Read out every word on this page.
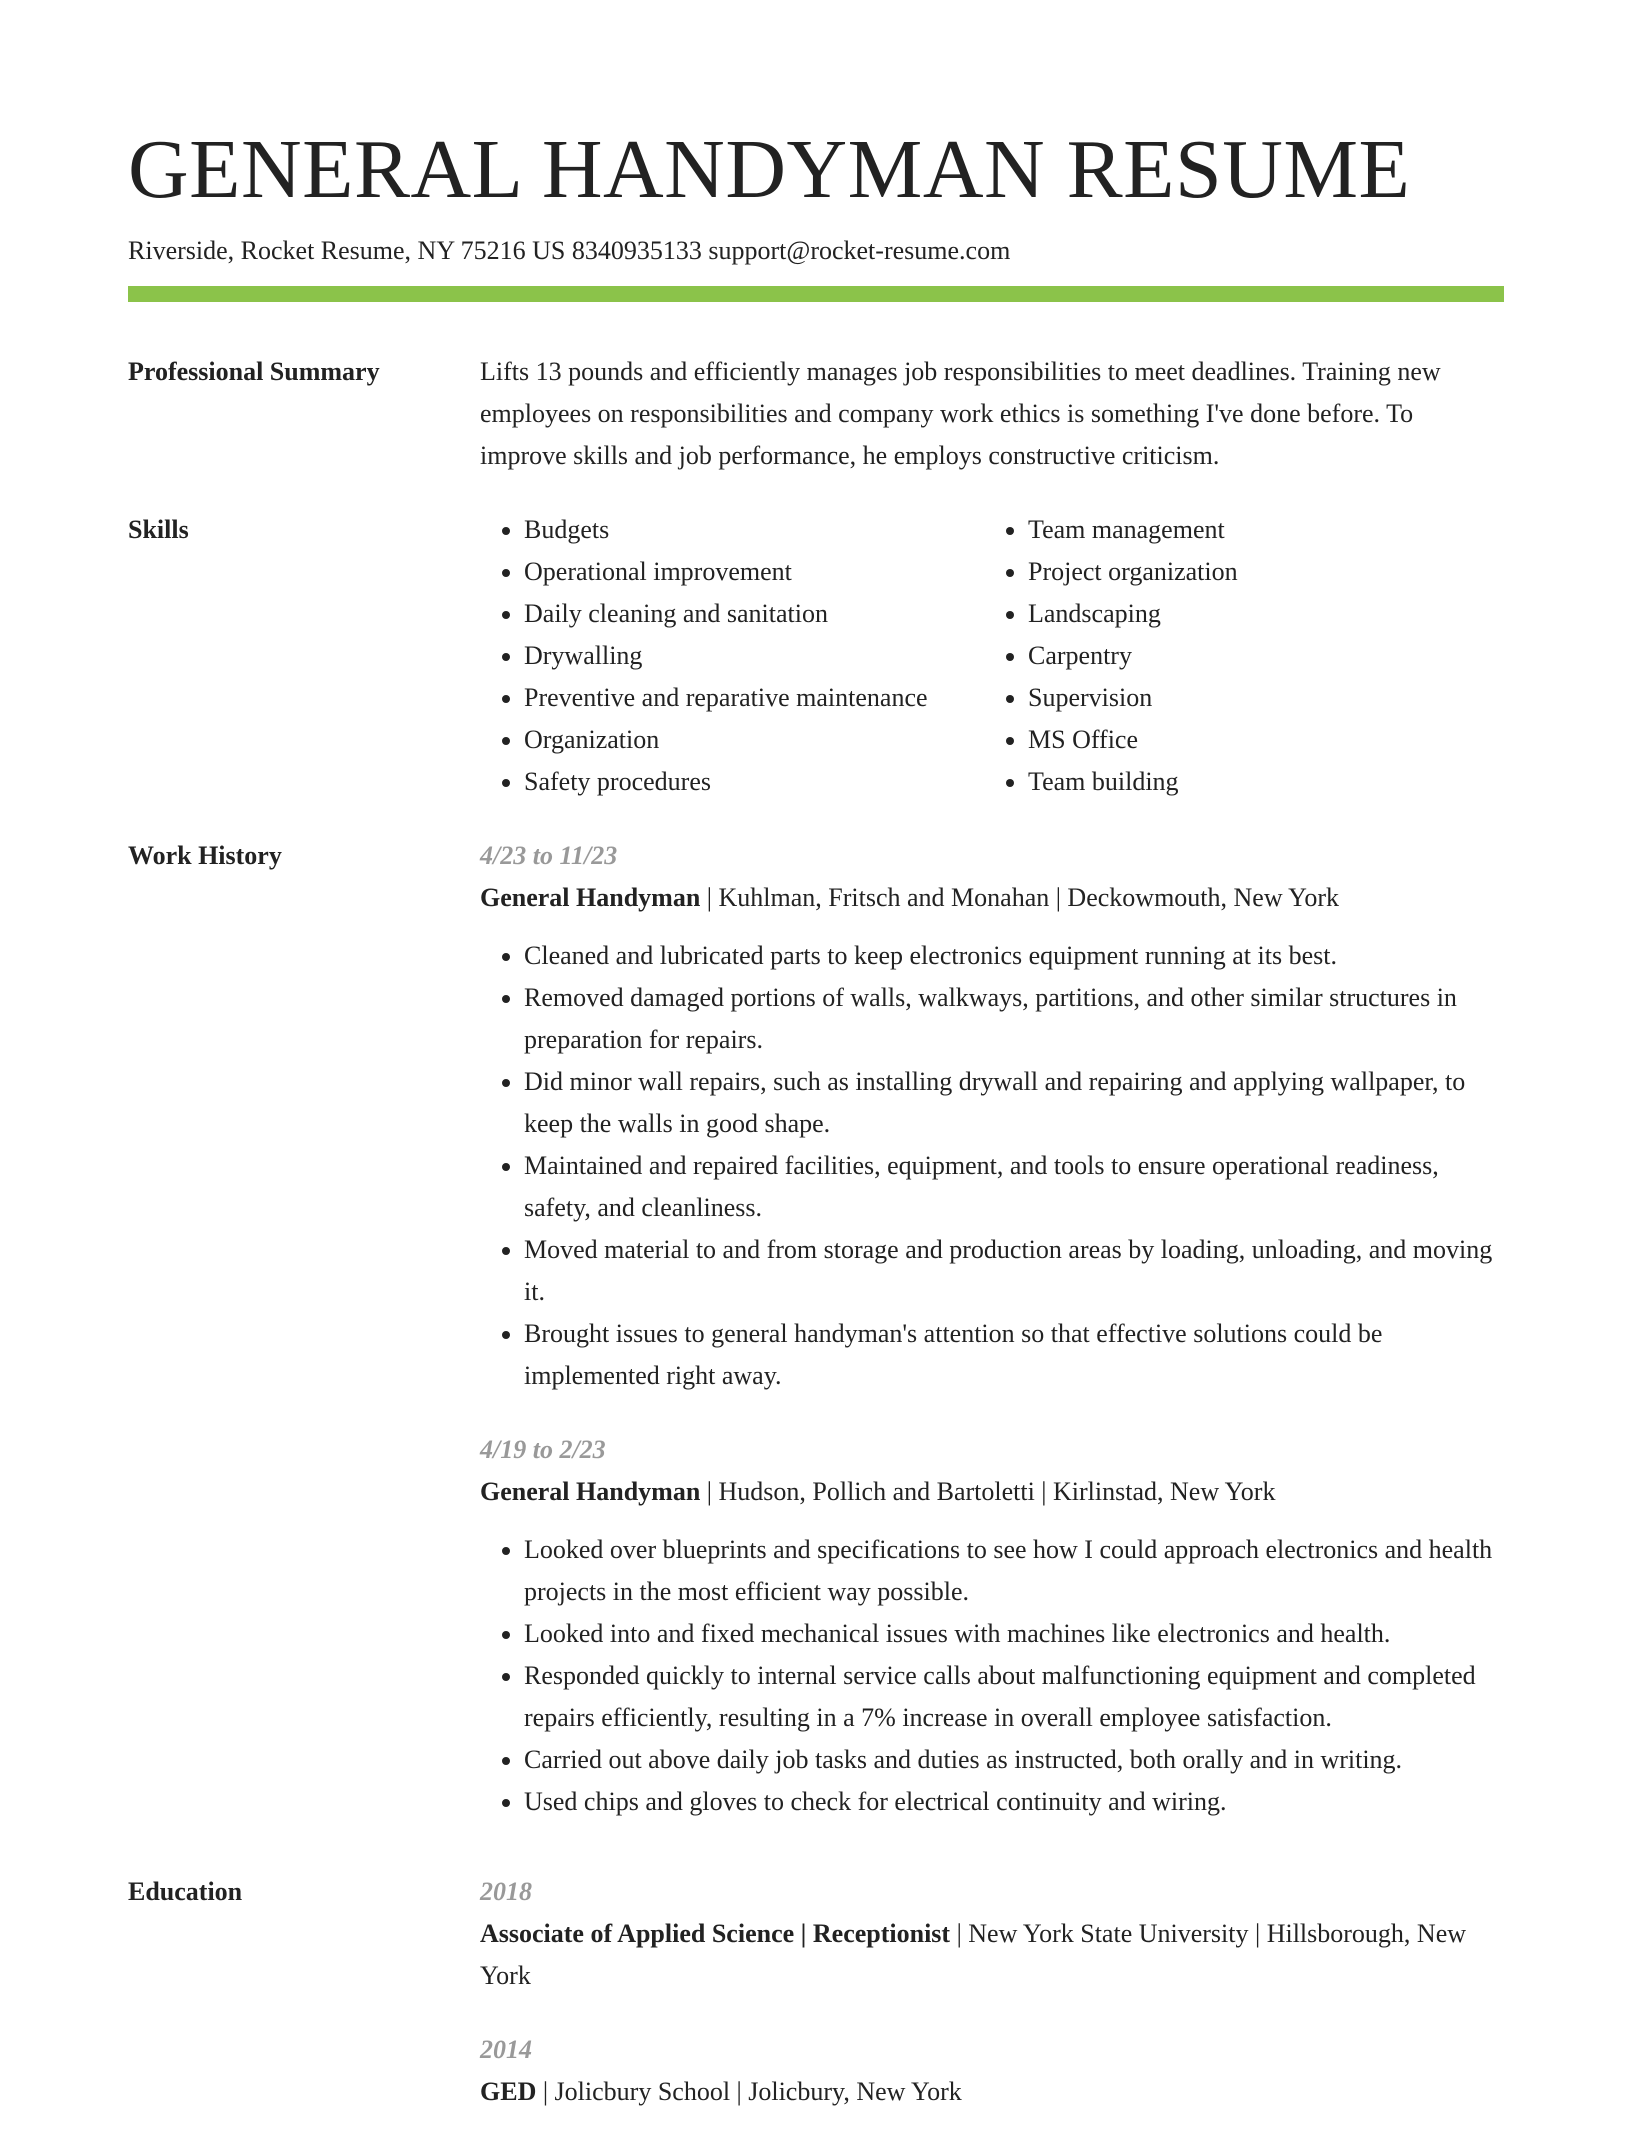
GENERAL HANDYMAN RESUME
Riverside, Rocket Resume, NY 75216 US 8340935133 support@rocket-resume.com
Professional Summary	Lifts 13 pounds and efficiently manages job responsibilities to meet deadlines. Training new employees on responsibilities and company work ethics is something I've done before. To improve skills and job performance, he employs constructive criticism.

Skills
•	Budgets
• Operational improvement
• Daily cleaning and sanitation
• Drywalling
• Preventive and reparative maintenance
• Organization
• Safety procedures
• Team management
• Project organization
• Landscaping
• Carpentry
• Supervision
• MS Office
• Team building
Work History	4/23 to 11/23
General Handyman | Kuhlman, Fritsch and Monahan | Deckowmouth, New York
• Cleaned and lubricated parts to keep electronics equipment running at its best.
• Removed damaged portions of walls, walkways, partitions, and other similar structures in preparation for repairs.
• Did minor wall repairs, such as installing drywall and repairing and applying wallpaper, to keep the walls in good shape.
• Maintained and repaired facilities, equipment, and tools to ensure operational readiness, safety, and cleanliness.
• Moved material to and from storage and production areas by loading, unloading, and moving it.
• Brought issues to general handyman's attention so that effective solutions could be implemented right away.
4/19 to 2/23
General Handyman | Hudson, Pollich and Bartoletti | Kirlinstad, New York
• Looked over blueprints and specifications to see how I could approach electronics and health projects in the most efficient way possible.
• Looked into and fixed mechanical issues with machines like electronics and health.
• Responded quickly to internal service calls about malfunctioning equipment and completed repairs efficiently, resulting in a 7% increase in overall employee satisfaction.
• Carried out above daily job tasks and duties as instructed, both orally and in writing.
• Used chips and gloves to check for electrical continuity and wiring.
Education	2018
Associate of Applied Science | Receptionist | New York State University | Hillsborough, New York
2014
GED | Jolicbury School | Jolicbury, New York
